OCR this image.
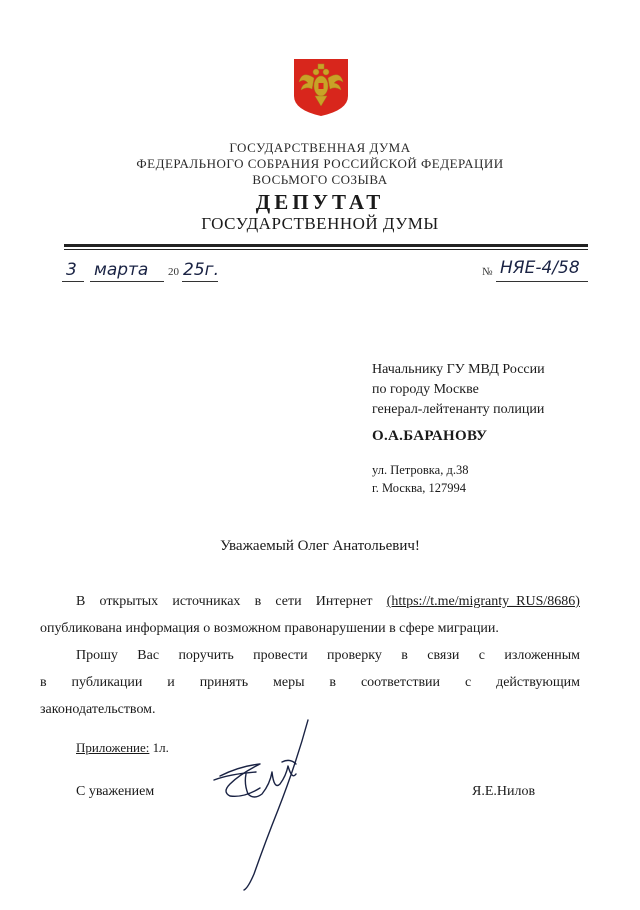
ГОСУДАРСТВЕННАЯ ДУМА
ФЕДЕРАЛЬНОГО СОБРАНИЯ РОССИЙСКОЙ ФЕДЕРАЦИИ
ВОСЬМОГО СОЗЫВА
ДЕПУТАТ
ГОСУДАРСТВЕННОЙ ДУМЫ
3 марта 20 25г.	№ НЯЕ-4/58
Начальнику ГУ МВД России
по городу Москве
генерал-лейтенанту полиции
О.А.БАРАНОВУ
ул. Петровка, д.38
г. Москва, 127994
Уважаемый Олег Анатольевич!
В открытых источниках в сети Интернет (https://t.me/migranty_RUS/8686)
опубликована информация о возможном правонарушении в сфере миграции.
Прошу Вас поручить провести проверку в связи с изложенным
в публикации и принять меры в соответствии с действующим
законодательством.
Приложение: 1л.
С уважением	Я.Е.Нилов
